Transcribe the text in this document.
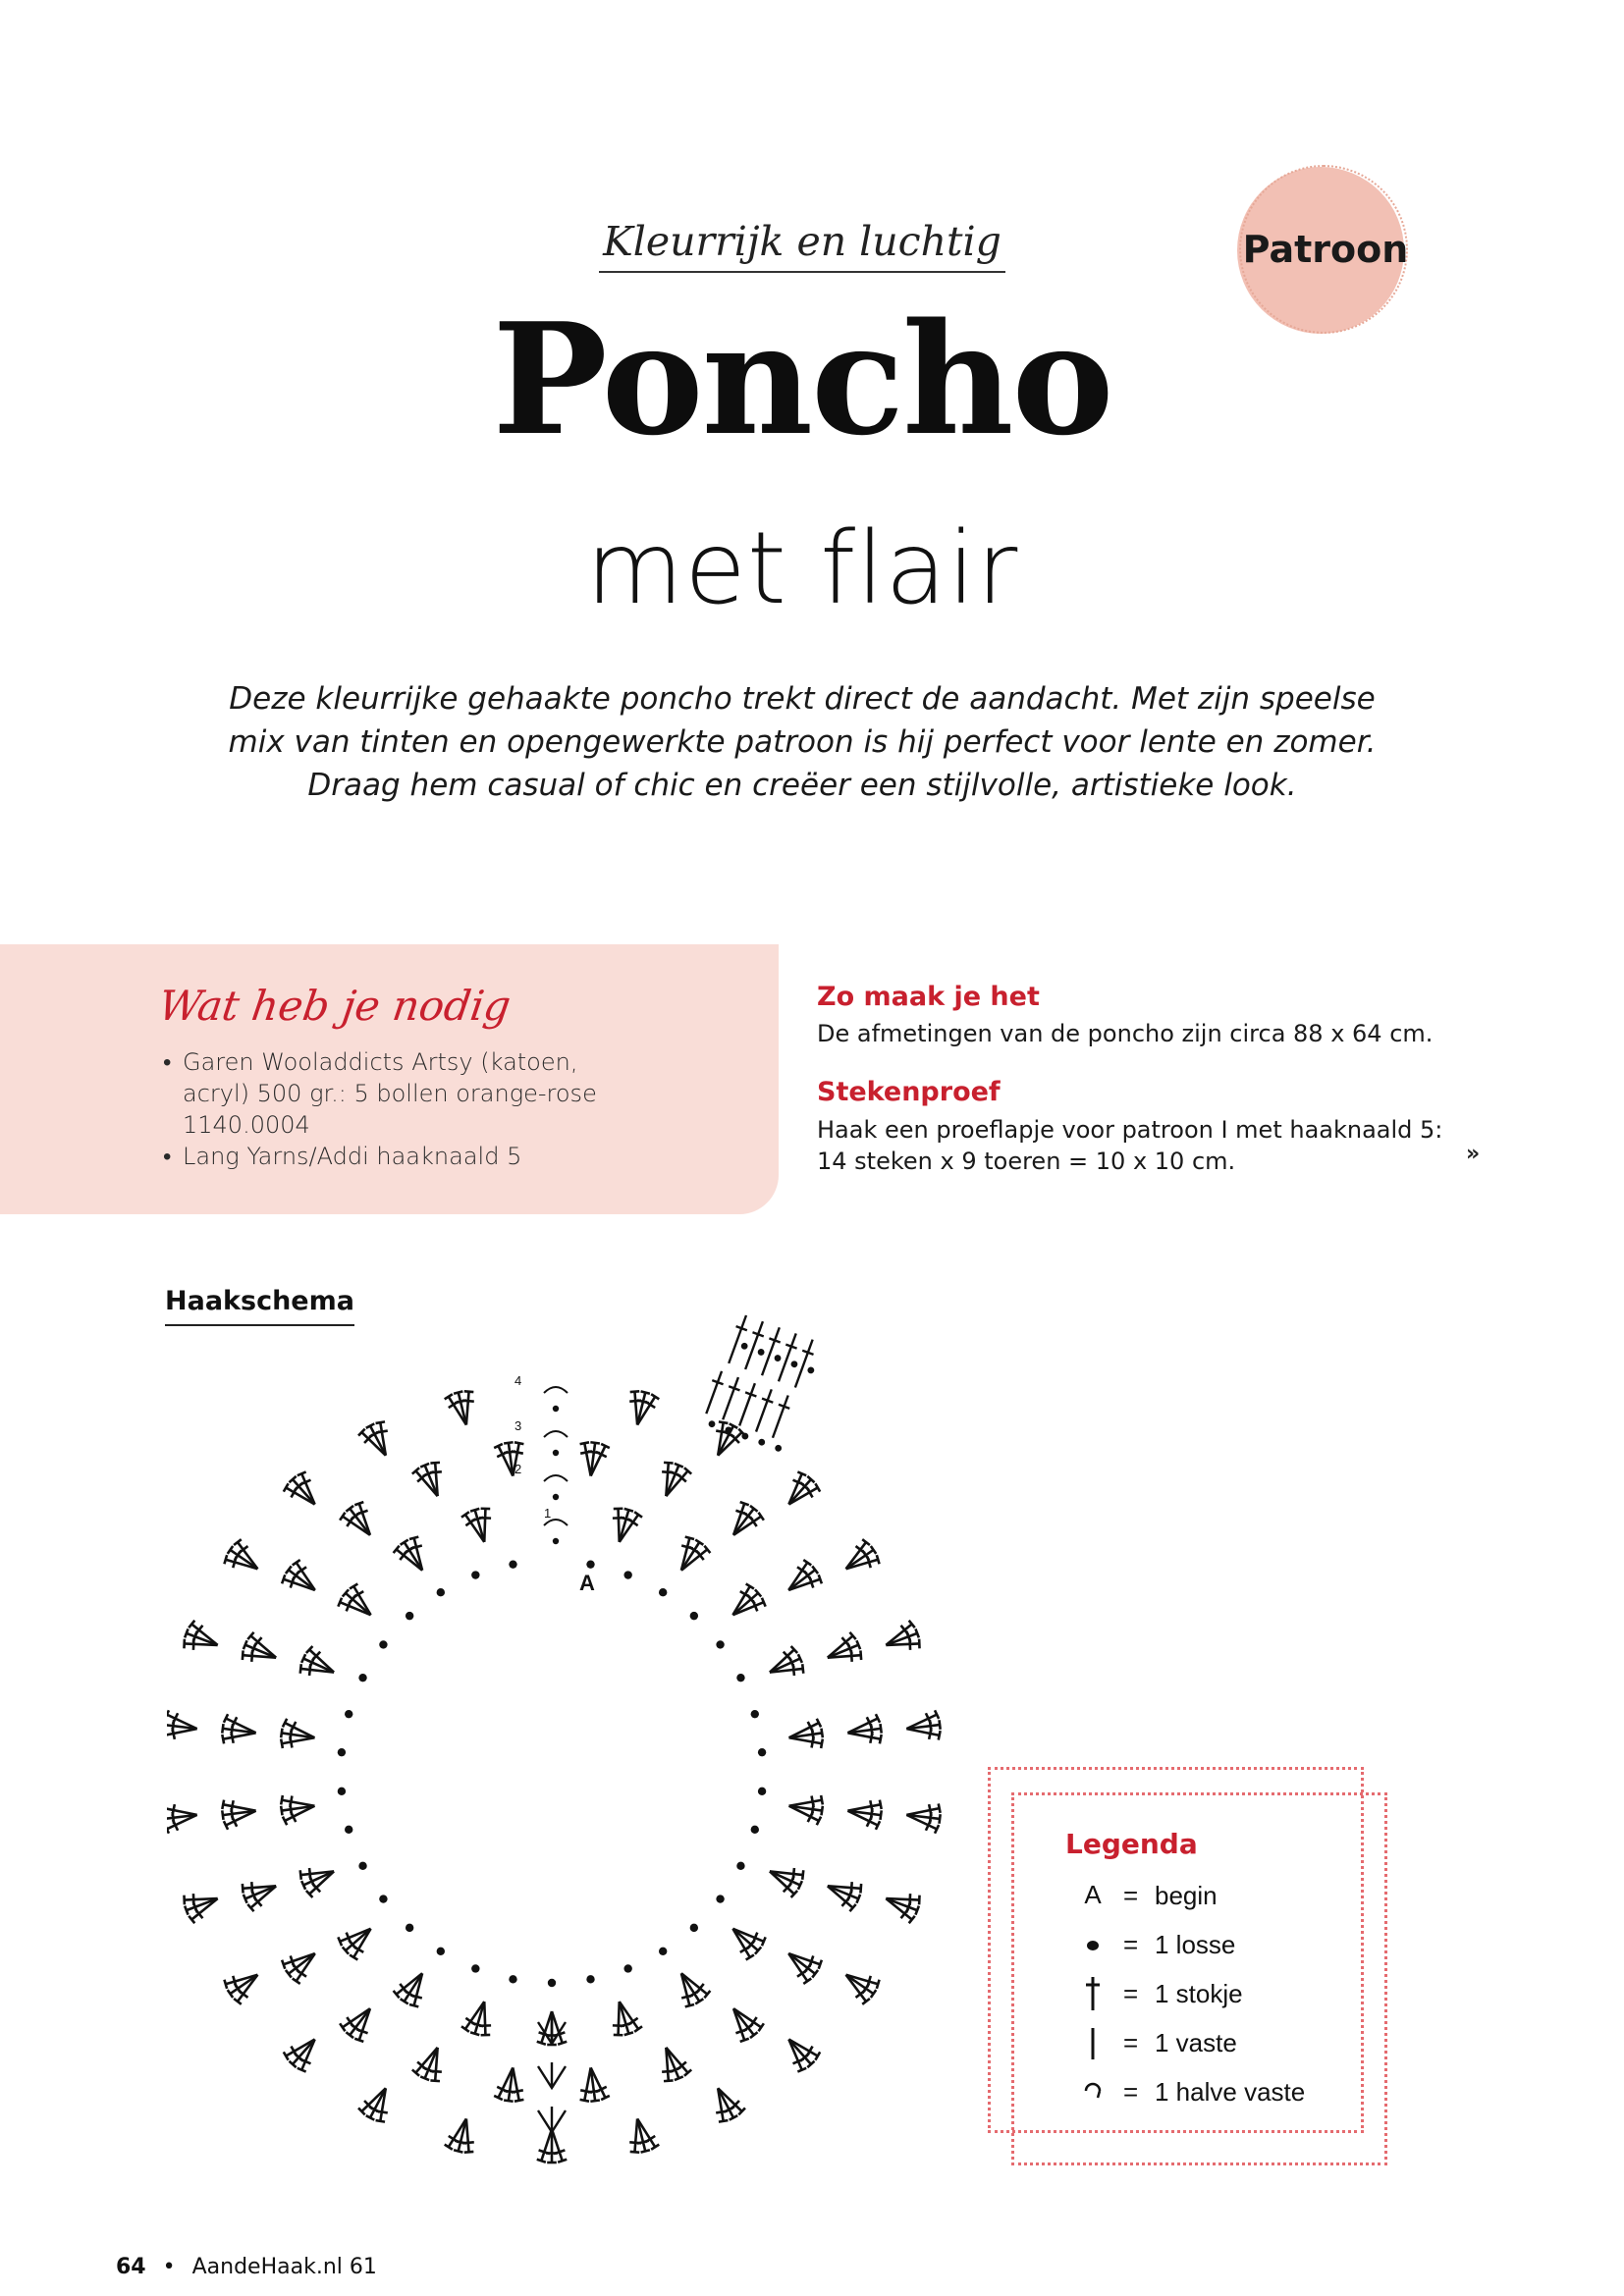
Kleurrijk en luchtig
Poncho
met flair
Patroon
Deze kleurrijke gehaakte poncho trekt direct de aandacht. Met zijn speelse
mix van tinten en opengewerkte patroon is hij perfect voor lente en zomer.
Draag hem casual of chic en creëer een stijlvolle, artistieke look.
Wat heb je nodig
• Garen Wooladdicts Artsy (katoen, acryl) 500 gr.: 5 bollen orange-rose 1140.0004
• Lang Yarns/Addi haaknaald 5
Zo maak je het
De afmetingen van de poncho zijn circa 88 x 64 cm.
Stekenproef
Haak een proeflapje voor patroon I met haaknaald 5:
14 steken x 9 toeren = 10 x 10 cm.	»
Haakschema
4
3
2
1
A
Legenda
A = begin
= 1 losse
= 1 stokje
= 1 vaste
= 1 halve vaste
64 • AandeHaak.nl 61
